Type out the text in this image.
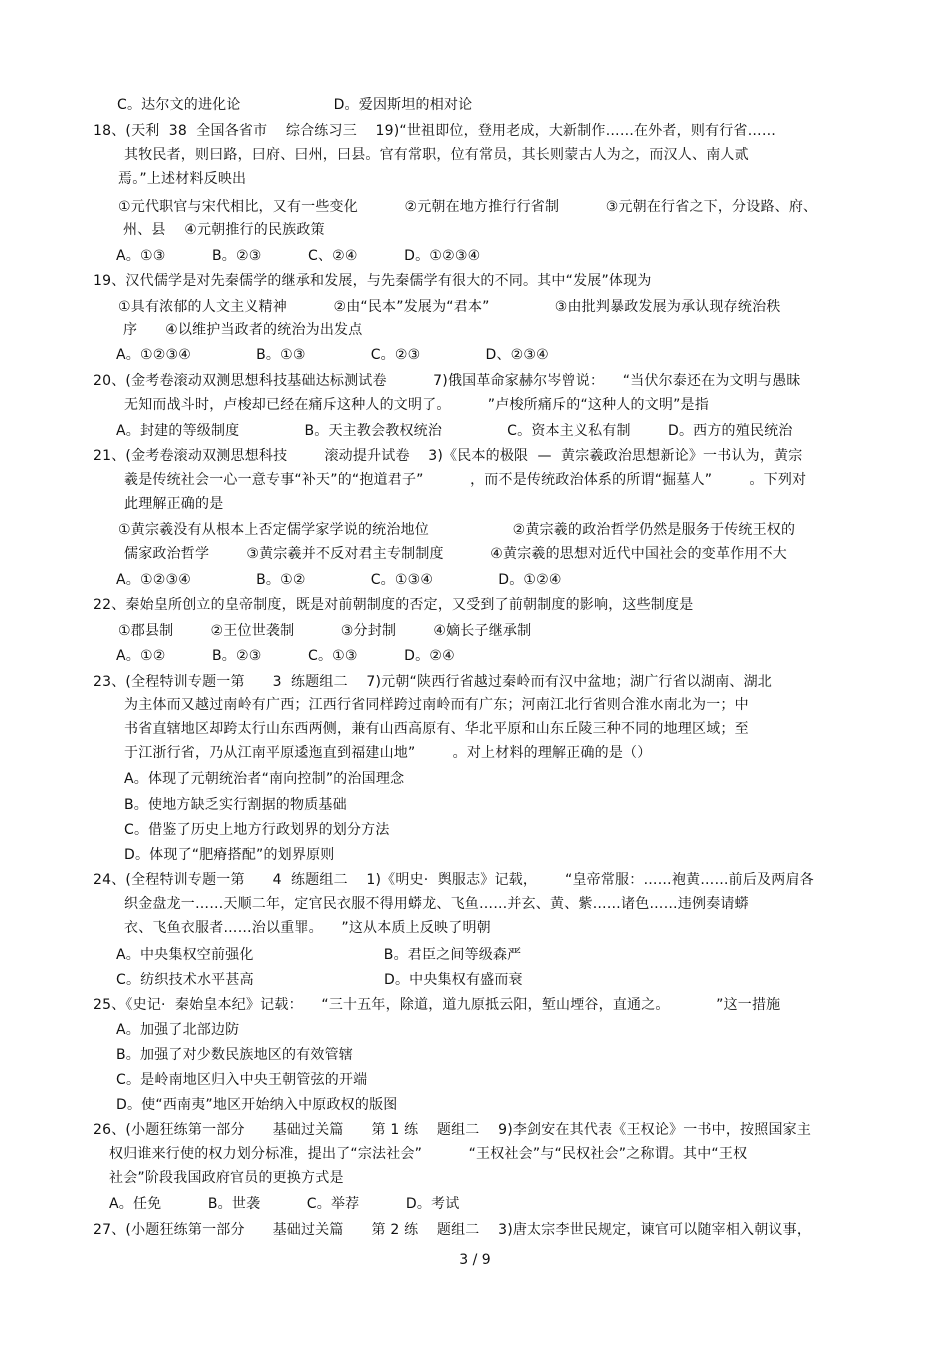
C。达尔文的进化论                    D。爱因斯坦的相对论
18、(天利  38  全国各省市    综合练习三    19)“世祖即位，登用老成，大新制作……在外者，则有行省……
其牧民者，则曰路，曰府、曰州，曰县。官有常职，位有常员，其长则蒙古人为之，而汉人、南人贰
焉。”上述材料反映出
①元代职官与宋代相比，又有一些变化          ②元朝在地方推行行省制          ③元朝在行省之下，分设路、府、
州、县    ④元朝推行的民族政策
A。①③          B。②③          C、②④          D。①②③④
19、汉代儒学是对先秦儒学的继承和发展，与先秦儒学有很大的不同。其中“发展”体现为
①具有浓郁的人文主义精神          ②由“民本”发展为“君本”              ③由批判暴政发展为承认现存统治秩
序      ④以维护当政者的统治为出发点
A。①②③④              B。①③              C。②③              D、②③④
20、(金考卷滚动双测思想科技基础达标测试卷          7)俄国革命家赫尔岑曾说：    “当伏尔泰还在为文明与愚昧
无知而战斗时，卢梭却已经在痛斥这种人的文明了。        ”卢梭所痛斥的“这种人的文明”是指
A。封建的等级制度              B。天主教会教权统治              C。资本主义私有制        D。西方的殖民统治
21、(金考卷滚动双测思想科技        滚动提升试卷    3)《民本的极限  —  黄宗羲政治思想新论》一书认为，黄宗
羲是传统社会一心一意专事“补天”的“抱道君子”          ，而不是传统政治体系的所谓“掘墓人”        。下列对
此理解正确的是
①黄宗羲没有从根本上否定儒学家学说的统治地位                  ②黄宗羲的政治哲学仍然是服务于传统王权的
儒家政治哲学        ③黄宗羲并不反对君主专制制度          ④黄宗羲的思想对近代中国社会的变革作用不大
A。①②③④              B。①②              C。①③④              D。①②④
22、秦始皇所创立的皇帝制度，既是对前朝制度的否定，又受到了前朝制度的影响，这些制度是
①郡县制        ②王位世袭制          ③分封制        ④嫡长子继承制
A。①②          B。②③          C。①③          D。②④
23、(全程特训专题一第      3  练题组二    7)元朝“陕西行省越过秦岭而有汉中盆地；湖广行省以湖南、湖北
为主体而又越过南岭有广西；江西行省同样跨过南岭而有广东；河南江北行省则合淮水南北为一；中
书省直辖地区却跨太行山东西两侧，兼有山西高原有、华北平原和山东丘陵三种不同的地理区域；至
于江浙行省，乃从江南平原逶迤直到福建山地”        。对上材料的理解正确的是（）
A。体现了元朝统治者“南向控制”的治国理念
B。使地方缺乏实行割据的物质基础
C。借鉴了历史上地方行政划界的划分方法
D。体现了“肥瘠搭配”的划界原则
24、(全程特训专题一第      4  练题组二    1)《明史·  舆服志》记载，      “皇帝常服：……袍黄……前后及两肩各
织金盘龙一……天顺二年，定官民衣服不得用蟒龙、飞鱼……并玄、黄、紫……诸色……违例奏请蟒
衣、飞鱼衣服者……治以重罪。    ”这从本质上反映了明朝
A。中央集权空前强化                            B。君臣之间等级森严
C。纺织技术水平甚高                            D。中央集权有盛而衰
25、《史记·  秦始皇本纪》记载：    “三十五年，除道，道九原抵云阳，堑山堙谷，直通之。          ”这一措施
A。加强了北部边防
B。加强了对少数民族地区的有效管辖
C。是岭南地区归入中央王朝管弦的开端
D。使“西南夷”地区开始纳入中原政权的版图
26、(小题狂练第一部分      基础过关篇      第 1 练    题组二    9)李剑安在其代表《王权论》一书中，按照国家主
权归谁来行使的权力划分标准，提出了“宗法社会”          “王权社会”与“民权社会”之称谓。其中“王权
社会”阶段我国政府官员的更换方式是
A。任免          B。世袭          C。举荐          D。考试
27、(小题狂练第一部分      基础过关篇      第 2 练    题组二    3)唐太宗李世民规定，谏官可以随宰相入朝议事，
3 / 9
